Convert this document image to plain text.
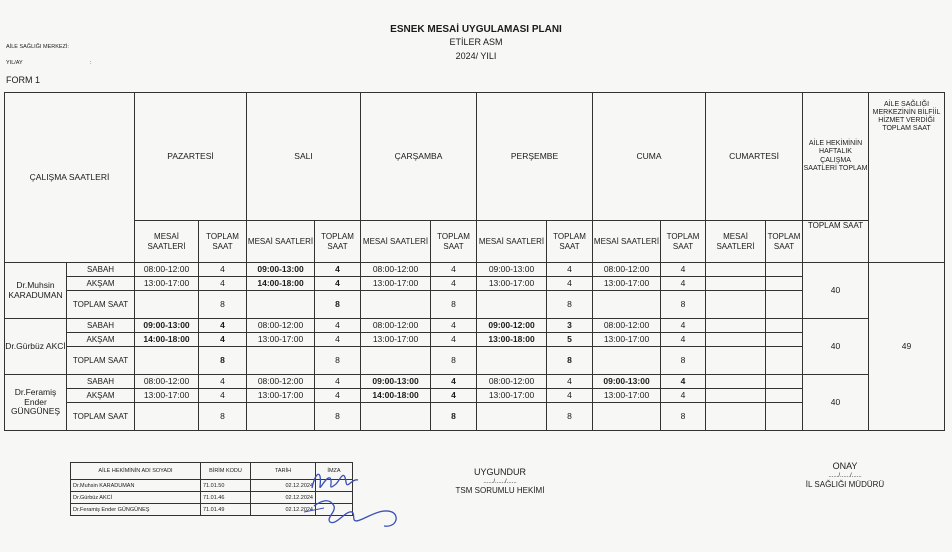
ESNEK MESAİ UYGULAMASI PLANI
ETİLER ASM
2024/ YILI
AİLE SAĞLIĞI MERKEZİ:
YIL/AY	:
FORM 1
ÇALIŞMA SAATLERİ		PAZARTESİ		SALI		ÇARŞAMBA		PERŞEMBE		CUMA		CUMARTESİ		AİLE HEKİMİNİN HAFTALIK ÇALIŞMA SAATLERİ TOPLAM	AİLE SAĞLIĞI MERKEZİNİN BİLFİİL HİZMET VERDİĞİ TOPLAM SAAT
		MESAİ SAATLERİ	TOPLAM SAAT	MESAİ SAATLERİ	TOPLAM SAAT	MESAİ SAATLERİ	TOPLAM SAAT	MESAİ SAATLERİ	TOPLAM SAAT	MESAİ SAATLERİ	TOPLAM SAAT	MESAİ SAATLERİ	TOPLAM SAAT	TOPLAM SAAT	
Dr.Muhsin KARADUMAN	SABAH	08:00-12:00	4	09:00-13:00	4	08:00-12:00	4	09:00-13:00	4	08:00-12:00	4			40	49
	AKŞAM	13:00-17:00	4	14:00-18:00	4	13:00-17:00	4	13:00-17:00	4	13:00-17:00	4				
	TOPLAM SAAT		8		8		8		8		8				
Dr.Gürbüz AKCİ	SABAH	09:00-13:00	4	08:00-12:00	4	08:00-12:00	4	09:00-12:00	3	08:00-12:00	4			40	
	AKŞAM	14:00-18:00	4	13:00-17:00	4	13:00-17:00	4	13:00-18:00	5	13:00-17:00	4				
	TOPLAM SAAT		8		8		8		8		8				
Dr.Feramiş Ender GÜNGÜNEŞ	SABAH	08:00-12:00	4	08:00-12:00	4	09:00-13:00	4	08:00-12:00	4	09:00-13:00	4			40	
	AKŞAM	13:00-17:00	4	13:00-17:00	4	14:00-18:00	4	13:00-17:00	4	13:00-17:00	4				
	TOPLAM SAAT		8		8		8		8		8				
AİLE HEKİMİNİN ADI SOYADI	BİRİM KODU	TARİH	İMZA
Dr.Muhsin KARADUMAN	71.01.50	02.12.2024	
Dr.Gürbüz AKCİ	71.01.46	02.12.2024	
Dr.Feramiş Ender GÜNGÜNEŞ	71.01.49	02.12.2024	
UYGUNDUR
....../....../......
TSM SORUMLU HEKİMİ
ONAY
....../....../......
İL SAĞLIĞI MÜDÜRÜ
